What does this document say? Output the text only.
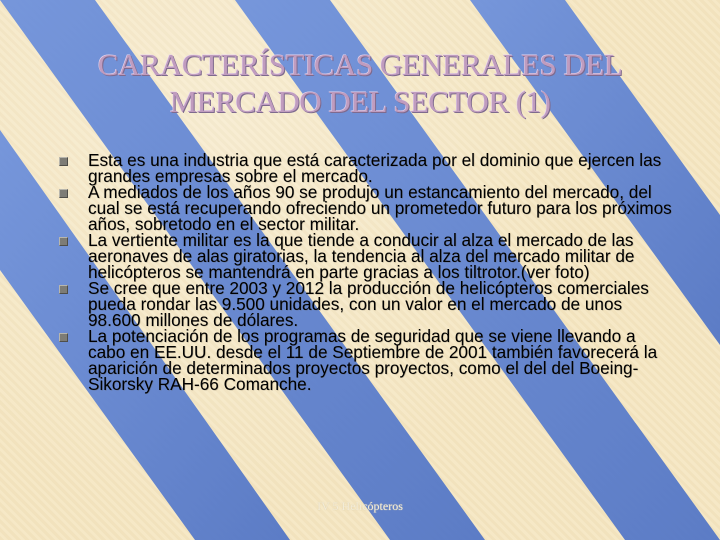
CARACTERÍSTICAS GENERALES DEL
MERCADO DEL SECTOR (1)
Esta es una industria que está caracterizada por el dominio que ejercen las grandes empresas sobre el mercado.
A mediados de los años 90 se produjo un estancamiento del mercado, del cual se está recuperando ofreciendo un prometedor futuro para los próximos años, sobretodo en el sector militar.
La vertiente militar es la que tiende a conducir al alza el mercado de las aeronaves de alas giratorias, la tendencia al alza del mercado militar de helicópteros se mantendrá en parte gracias a los tiltrotor.(ver foto)
Se cree que entre 2003 y 2012 la producción de helicópteros comerciales pueda rondar las 9.500 unidades, con un valor en el mercado de unos 98.600 millones de dólares.
La potenciación de los programas de seguridad que se viene llevando a cabo en EE.UU. desde el 11 de Septiembre de 2001 también favorecerá la aparición de determinados proyectos proyectos, como el del del Boeing-Sikorsky RAH-66 Comanche.
IV 5 Helicópteros
